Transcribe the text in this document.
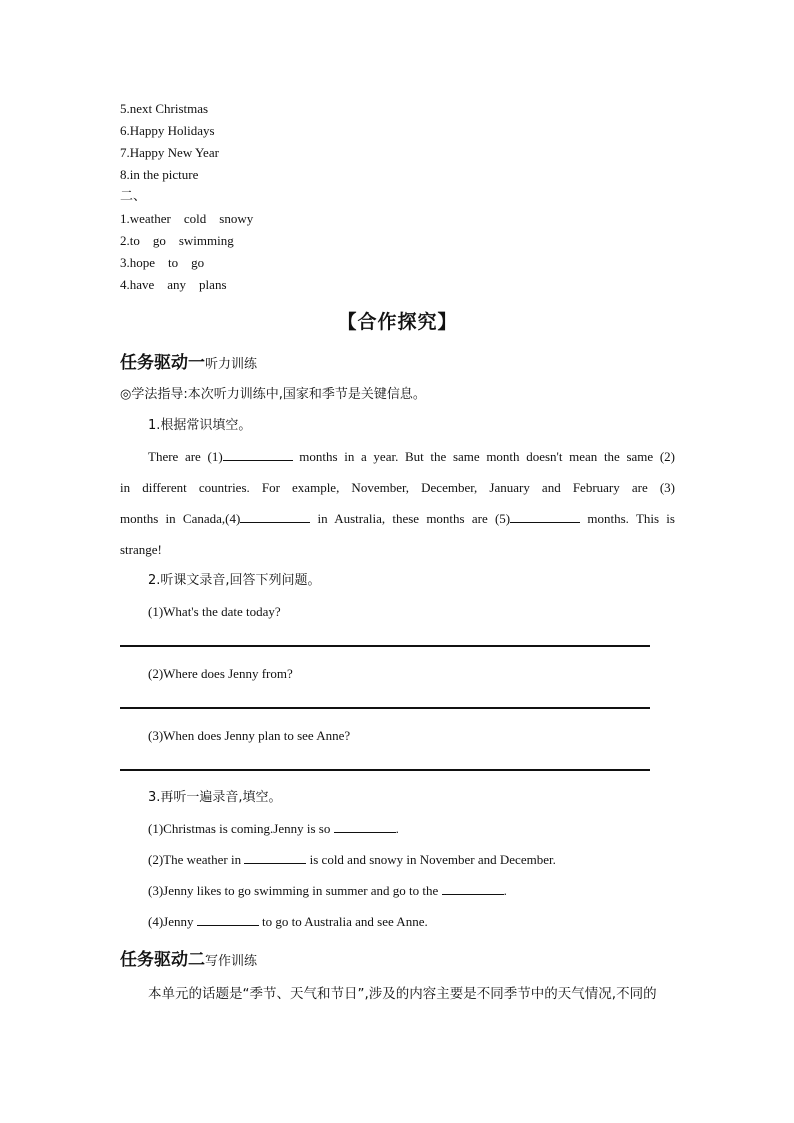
5.next Christmas
6.Happy Holidays
7.Happy New Year
8.in the picture
二、
1.weather    cold    snowy
2.to    go    swimming
3.hope    to    go
4.have    any    plans
【合作探究】
任务驱动一听力训练
◎学法指导:本次听力训练中,国家和季节是关键信息。
1.根据常识填空。
There are (1)	months in a year. But the same month doesn't mean the same (2)
in different countries. For example, November, December, January and February are (3)
months in Canada,(4)	in Australia, these months are (5)	months. This is
strange!
2.听课文录音,回答下列问题。
(1)What's the date today?
(2)Where does Jenny from?
(3)When does Jenny plan to see Anne?
3.再听一遍录音,填空。
(1)Christmas is coming.Jenny is so	.
(2)The weather in	is cold and snowy in November and December.
(3)Jenny likes to go swimming in summer and go to the	.
(4)Jenny	to go to Australia and see Anne.
任务驱动二写作训练
本单元的话题是“季节、天气和节日”,涉及的内容主要是不同季节中的天气情况,不同的
